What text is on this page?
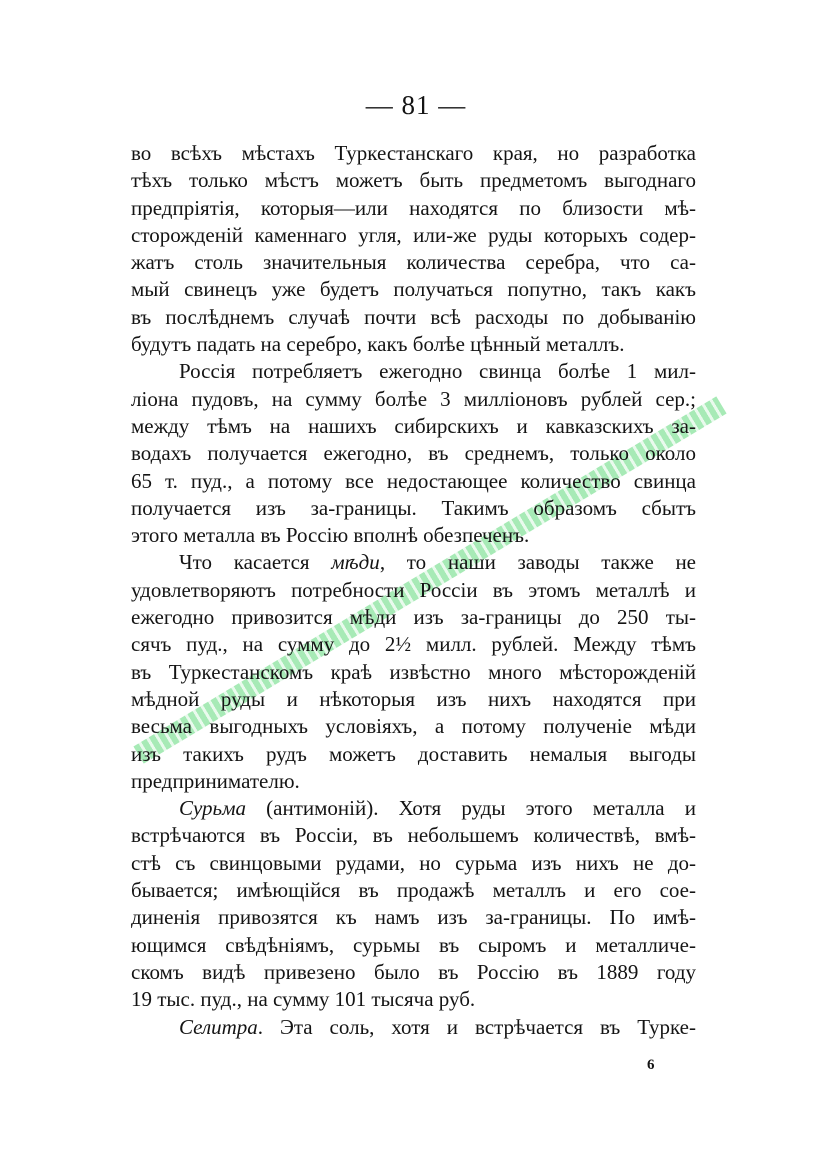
— 81 —
во всѣхъ мѣстахъ Туркестанскаго края, но разработка
тѣхъ только мѣстъ можетъ быть предметомъ выгоднаго
предпріятія, которыя—или находятся по близости мѣ-
сторожденій каменнаго угля, или-же руды которыхъ содер-
жатъ столь значительныя количества серебра, что са-
мый свинецъ уже будетъ получаться попутно, такъ какъ
въ послѣднемъ случаѣ почти всѣ расходы по добыванію
будутъ падать на серебро, какъ болѣе цѣнный металлъ.
Россія потребляетъ ежегодно свинца болѣе 1 мил-
ліона пудовъ, на сумму болѣе 3 милліоновъ рублей сер.;
между тѣмъ на нашихъ сибирскихъ и кавказскихъ за-
водахъ получается ежегодно, въ среднемъ, только около
65 т. пуд., а потому все недостающее количество свинца
получается изъ за-границы. Такимъ образомъ сбытъ
этого металла въ Россію вполнѣ обезпеченъ.
Что касается мѣди, то наши заводы также не
удовлетворяютъ потребности Россіи въ этомъ металлѣ и
ежегодно привозится мѣди изъ за-границы до 250 ты-
сячъ пуд., на сумму до 2½ милл. рублей. Между тѣмъ
въ Туркестанскомъ краѣ извѣстно много мѣсторожденій
мѣдной руды и нѣкоторыя изъ нихъ находятся при
весьма выгодныхъ условіяхъ, а потому полученіе мѣди
изъ такихъ рудъ можетъ доставить немалыя выгоды
предпринимателю.
Сурьма (антимоній). Хотя руды этого металла и
встрѣчаются въ Россіи, въ небольшемъ количествѣ, вмѣ-
стѣ съ свинцовыми рудами, но сурьма изъ нихъ не до-
бывается; имѣющійся въ продажѣ металлъ и его сое-
диненія привозятся къ намъ изъ за-границы. По имѣ-
ющимся свѣдѣніямъ, сурьмы въ сыромъ и металличе-
скомъ видѣ привезено было въ Россію въ 1889 году
19 тыс. пуд., на сумму 101 тысяча руб.
Селитра. Эта соль, хотя и встрѣчается въ Турке-
6
